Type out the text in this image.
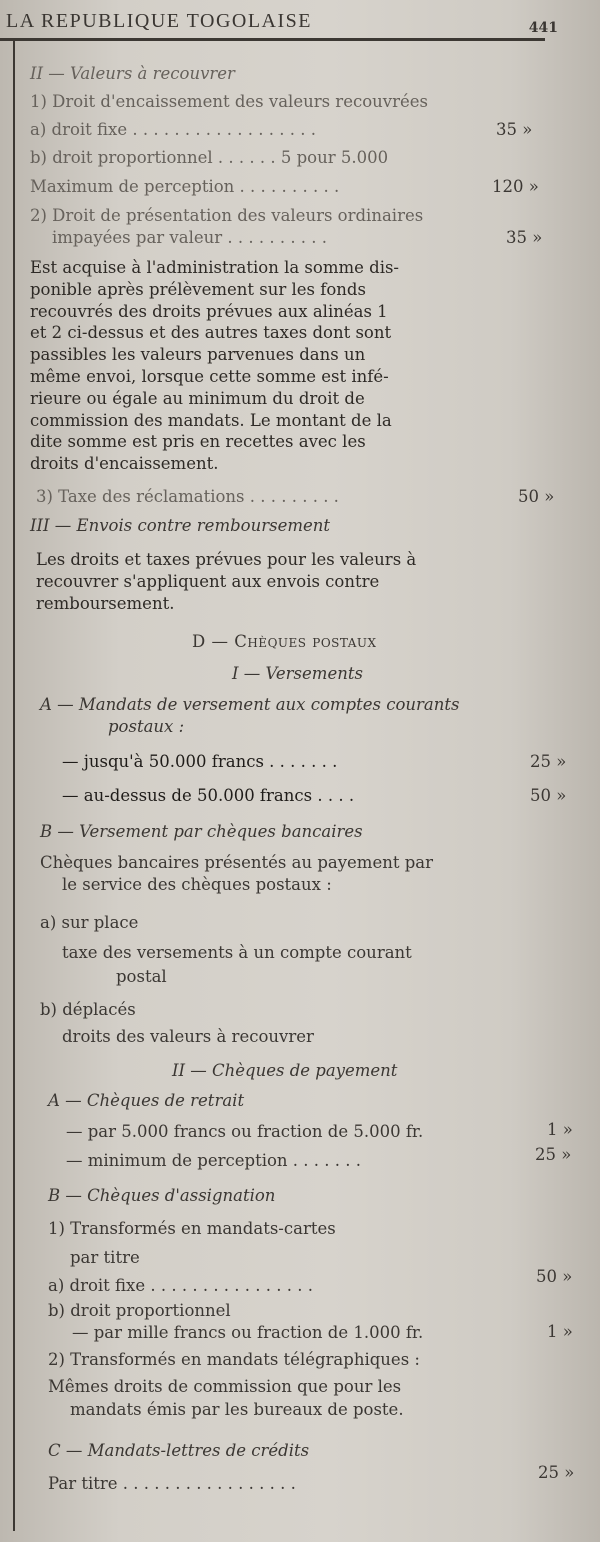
LA REPUBLIQUE TOGOLAISE	441
II — Valeurs à recouvrer
1) Droit d'encaissement des valeurs recouvrées
a) droit fixe . . . . . . . . . . . . . . . . . .
b) droit proportionnel . . . . . . 5 pour 5.000
Maximum de perception . . . . . . . . . .
2) Droit de présentation des valeurs ordinaires
impayées par valeur . . . . . . . . . .
3) Taxe des réclamations . . . . . . . . .
III — Envois contre remboursement
D — Chèques postaux
I — Versements
A — Mandats de versement aux comptes courants
postaux :
— jusqu'à 50.000 francs . . . . . . .
— au-dessus de 50.000 francs . . . .
B — Versement par chèques bancaires
Chèques bancaires présentés au payement par
le service des chèques postaux :
a) sur place
taxe des versements à un compte courant
postal
b) déplacés
droits des valeurs à recouvrer
II — Chèques de payement
A — Chèques de retrait
— par 5.000 francs ou fraction de 5.000 fr.
— minimum de perception . . . . . . .
B — Chèques d'assignation
1) Transformés en mandats-cartes
par titre
a) droit fixe . . . . . . . . . . . . . . . .
b) droit proportionnel
— par mille francs ou fraction de 1.000 fr.
2) Transformés en mandats télégraphiques :
Mêmes droits de commission que pour les
mandats émis par les bureaux de poste.
C — Mandats-lettres de crédits
Par titre . . . . . . . . . . . . . . . . .
35 »
120 »
35 »
50 »
25 »
50 »
1 »
25 »
50 »
1 »
25 »
Est acquise à l'administration la somme dis-
ponible après prélèvement sur les fonds
recouvrés des droits prévues aux alinéas 1
et 2 ci-dessus et des autres taxes dont sont
passibles les valeurs parvenues dans un
même envoi, lorsque cette somme est infé-
rieure ou égale au minimum du droit de
commission des mandats. Le montant de la
dite somme est pris en recettes avec les
droits d'encaissement.
Les droits et taxes prévues pour les valeurs à
recouvrer s'appliquent aux envois contre
remboursement.
